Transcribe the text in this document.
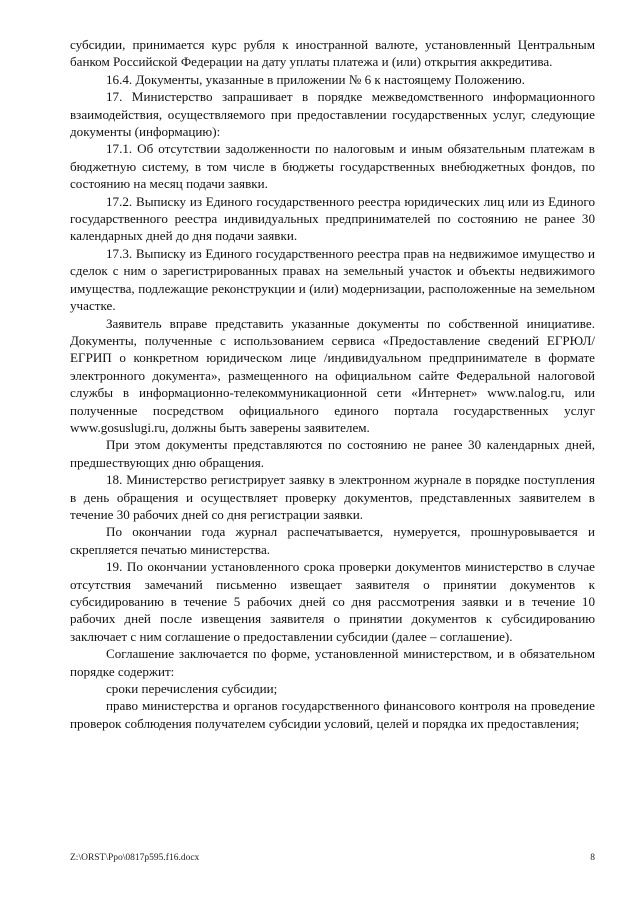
субсидии, принимается курс рубля к иностранной валюте, установленный Центральным банком Российской Федерации на дату уплаты платежа и (или) открытия аккредитива.

16.4. Документы, указанные в приложении № 6 к настоящему Положению.

17. Министерство запрашивает в порядке межведомственного информационного взаимодействия, осуществляемого при предоставлении государственных услуг, следующие документы (информацию):

17.1. Об отсутствии задолженности по налоговым и иным обязательным платежам в бюджетную систему, в том числе в бюджеты государственных внебюджетных фондов, по состоянию на месяц подачи заявки.

17.2. Выписку из Единого государственного реестра юридических лиц или из Единого государственного реестра индивидуальных предпринимателей по состоянию не ранее 30 календарных дней до дня подачи заявки.

17.3. Выписку из Единого государственного реестра прав на недвижимое имущество и сделок с ним о зарегистрированных правах на земельный участок и объекты недвижимого имущества, подлежащие реконструкции и (или) модернизации, расположенные на земельном участке.

Заявитель вправе представить указанные документы по собственной инициативе. Документы, полученные с использованием сервиса «Предоставление сведений ЕГРЮЛ/ЕГРИП о конкретном юридическом лице /индивидуальном предпринимателе в формате электронного документа», размещенного на официальном сайте Федеральной налоговой службы в информационно-телекоммуникационной сети «Интернет» www.nalog.ru, или полученные посредством официального единого портала государственных услуг www.gosuslugi.ru, должны быть заверены заявителем.

При этом документы представляются по состоянию не ранее 30 календарных дней, предшествующих дню обращения.

18. Министерство регистрирует заявку в электронном журнале в порядке поступления в день обращения и осуществляет проверку документов, представленных заявителем в течение 30 рабочих дней со дня регистрации заявки.

По окончании года журнал распечатывается, нумеруется, прошнуровывается и скрепляется печатью министерства.

19. По окончании установленного срока проверки документов министерство в случае отсутствия замечаний письменно извещает заявителя о принятии документов к субсидированию в течение 5 рабочих дней со дня рассмотрения заявки и в течение 10 рабочих дней после извещения заявителя о принятии документов к субсидированию заключает с ним соглашение о предоставлении субсидии (далее – соглашение).

Соглашение заключается по форме, установленной министерством, и в обязательном порядке содержит:

сроки перечисления субсидии;

право министерства и органов государственного финансового контроля на проведение проверок соблюдения получателем субсидии условий, целей и порядка их предоставления;

Z:\ORST\Ppo\0817p595.f16.docx	8
